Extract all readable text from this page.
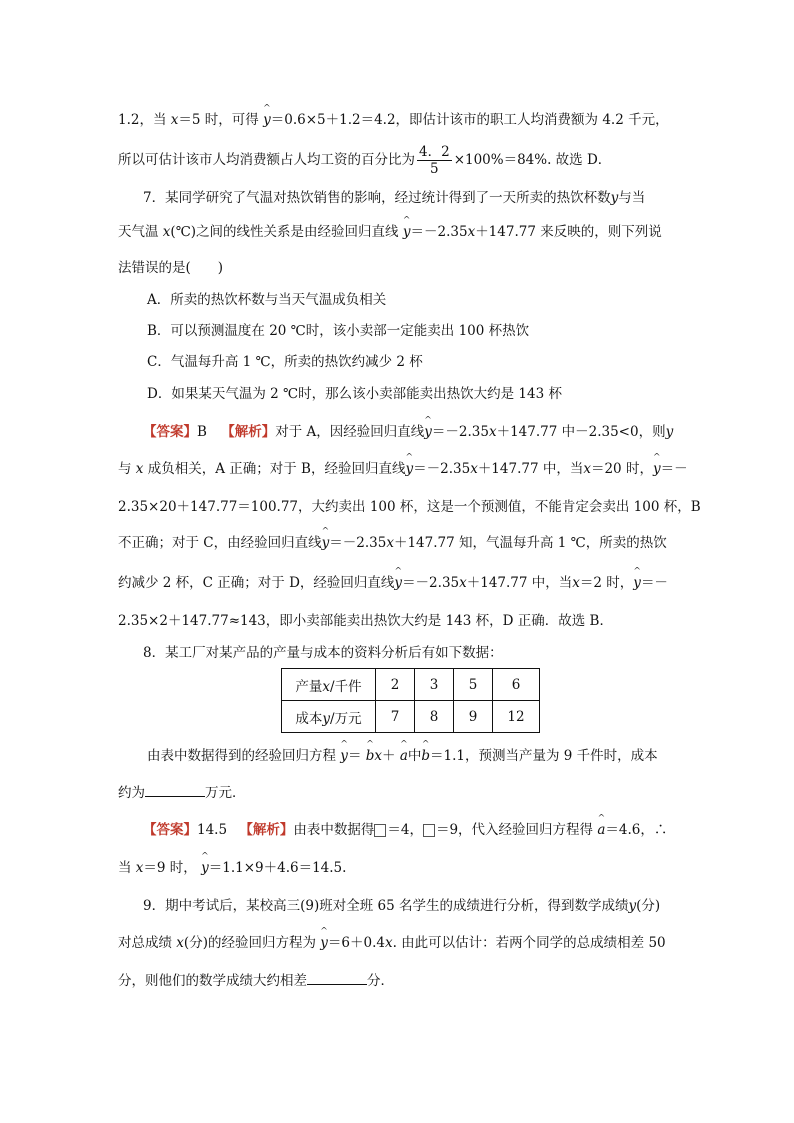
1.2，当 x＝5 时，可得 ^ y＝0.6×5＋1.2＝4.2，即估计该市的职工人均消费额为 4.2 千元，
所以可估计该市人均消费额占人均工资的百分比为 $\frac{4.2}{5} \times 100\%=84\%$. 故选 D．
7．某同学研究了气温对热饮销售的影响，经过统计得到了一天所卖的热饮杯数y与当
天气温 x(℃)之间的线性关系是由经验回归直线 ^ y＝－2.35x＋147.77 来反映的，则下列说
法错误的是(　　)
A．所卖的热饮杯数与当天气温成负相关
B．可以预测温度在 20 ℃时，该小卖部一定能卖出 100 杯热饮
C．气温每升高 1 ℃，所卖的热饮约减少 2 杯
D．如果某天气温为 2 ℃时，那么该小卖部能卖出热饮大约是 143 杯
【答案】B 【解析】对于 A，因经验回归直线^ y＝－2.35x＋147.77 中－2.35<0，则y
与 x 成负相关，A 正确；对于 B，经验回归直线^ y＝－2.35x＋147.77 中，当x＝20 时，^ y＝－
2.35×20＋147.77＝100.77，大约卖出 100 杯，这是一个预测值，不能肯定会卖出 100 杯，B
不正确；对于 C，由经验回归直线^ y＝－2.35x＋147.77 知，气温每升高 1 ℃，所卖的热饮
约减少 2 杯，C 正确；对于 D，经验回归直线^ y＝－2.35x＋147.77 中，当x＝2 时，^ y＝－
2.35×2＋147.77≈143，即小卖部能卖出热饮大约是 143 杯，D 正确．故选 B．
8．某工厂对某产品的产量与成本的资料分析后有如下数据：
产量x/千件	2	3	5	6
成本y/万元	7	8	9	12
由表中数据得到的经验回归方程 ^ y＝ ^ bx＋ ^ a中^ b＝1.1，预测当产量为 9 千件时，成本
约为	万元．
【答案】14.5 【解析】由表中数据得 ＝4， ＝9，代入经验回归方程得 ^ a＝4.6，∴
当 x＝9 时， ^ y＝1.1×9＋4.6＝14.5.
9．期中考试后，某校高三(9)班对全班 65 名学生的成绩进行分析，得到数学成绩y(分)
对总成绩 x(分)的经验回归方程为 ^ y＝6＋0.4x. 由此可以估计：若两个同学的总成绩相差 50
分，则他们的数学成绩大约相差	分．
